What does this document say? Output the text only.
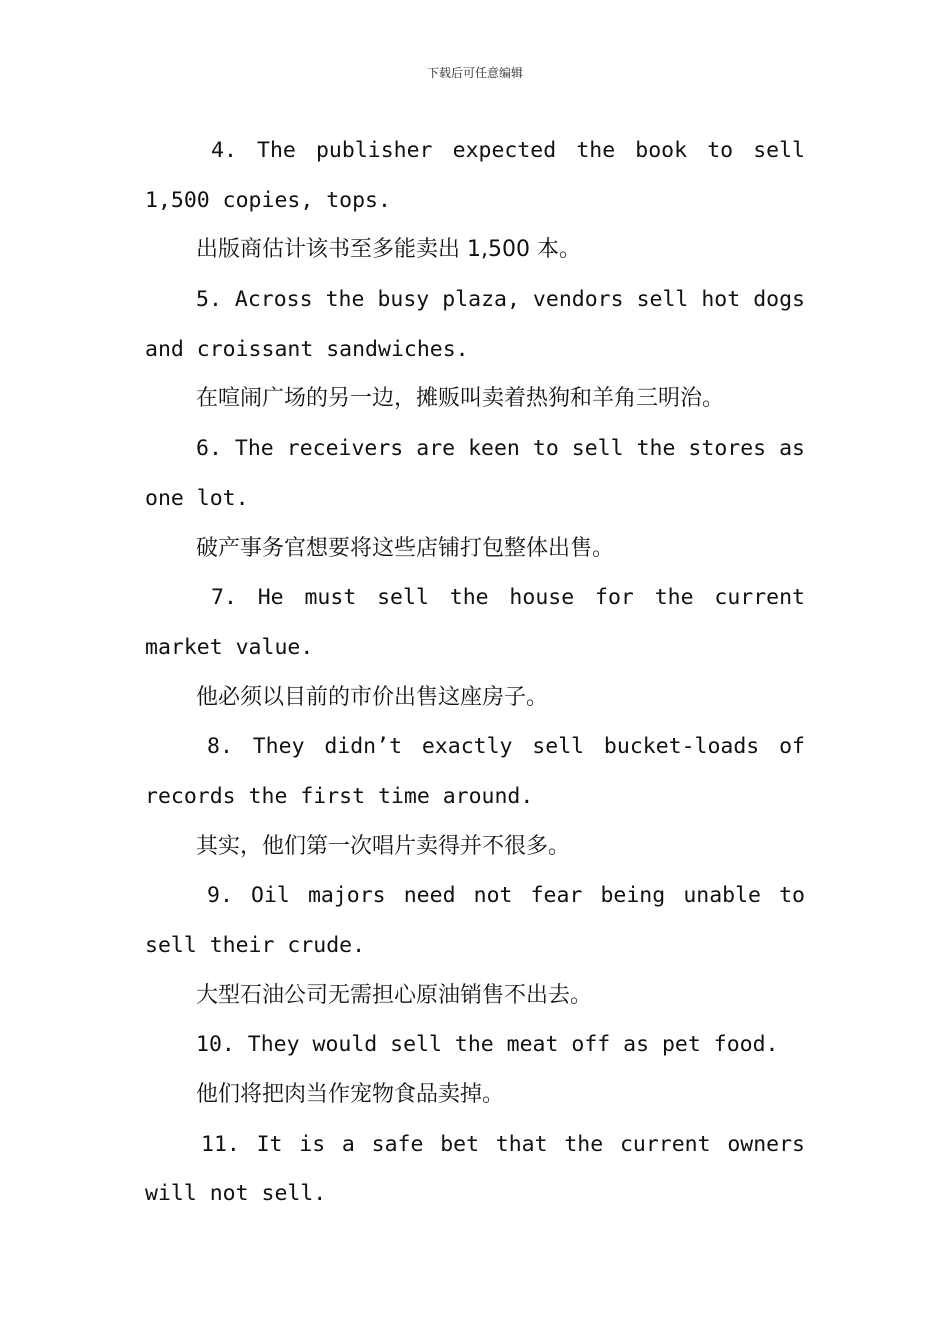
下载后可任意编辑
4. The publisher expected the book to sell
1,500 copies, tops.
出版商估计该书至多能卖出 1,500 本。
5. Across the busy plaza, vendors sell hot dogs
and croissant sandwiches.
在喧闹广场的另一边，摊贩叫卖着热狗和羊角三明治。
6. The receivers are keen to sell the stores as
one lot.
破产事务官想要将这些店铺打包整体出售。
7. He must sell the house for the current
market value.
他必须以目前的市价出售这座房子。
8. They didn’t exactly sell bucket-loads of
records the first time around.
其实，他们第一次唱片卖得并不很多。
9. Oil majors need not fear being unable to
sell their crude.
大型石油公司无需担心原油销售不出去。
10. They would sell the meat off as pet food.
他们将把肉当作宠物食品卖掉。
11. It is a safe bet that the current owners
will not sell.
